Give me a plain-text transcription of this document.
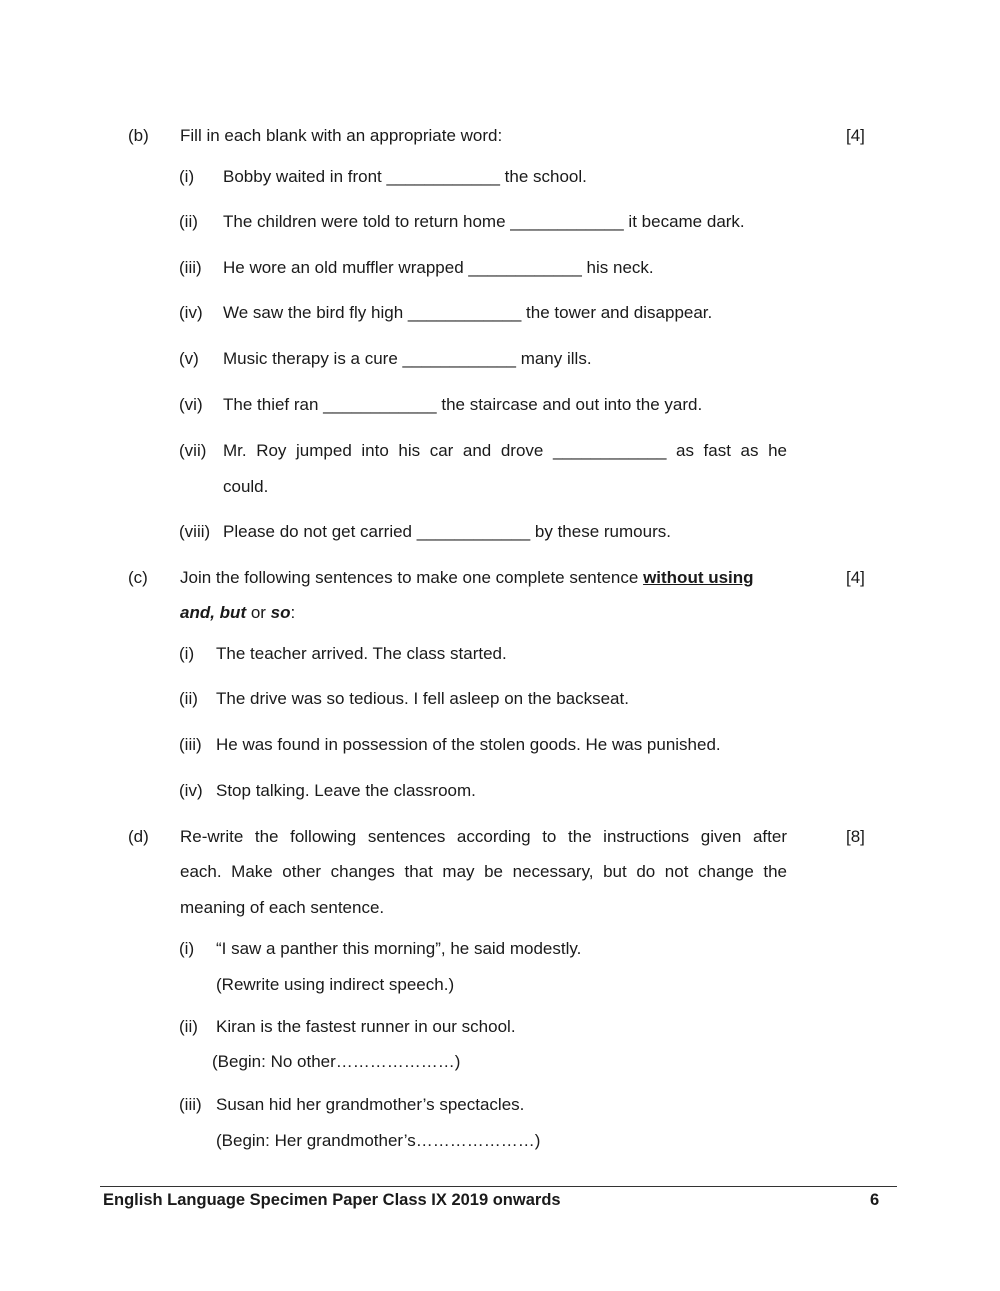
(b) Fill in each blank with an appropriate word:	[4]
(i) Bobby waited in front ____________ the school.
(ii) The children were told to return home ____________ it became dark.
(iii) He wore an old muffler wrapped ____________ his neck.
(iv) We saw the bird fly high ____________ the tower and disappear.
(v) Music therapy is a cure ____________ many ills.
(vi) The thief ran ____________ the staircase and out into the yard.
(vii) Mr. Roy jumped into his car and drove ____________ as fast as he
could.
(viii) Please do not get carried ____________ by these rumours.
(c) Join the following sentences to make one complete sentence without using	[4]
and, but or so:
(i) The teacher arrived. The class started.
(ii) The drive was so tedious. I fell asleep on the backseat.
(iii) He was found in possession of the stolen goods. He was punished.
(iv) Stop talking. Leave the classroom.
(d) Re-write the following sentences according to the instructions given after	[8]
each. Make other changes that may be necessary, but do not change the
meaning of each sentence.
(i) “I saw a panther this morning”, he said modestly.
(Rewrite using indirect speech.)
(ii) Kiran is the fastest runner in our school.
(Begin: No other…………………)
(iii) Susan hid her grandmother’s spectacles.
(Begin: Her grandmother’s…………………)
English Language Specimen Paper Class IX 2019 onwards	6
